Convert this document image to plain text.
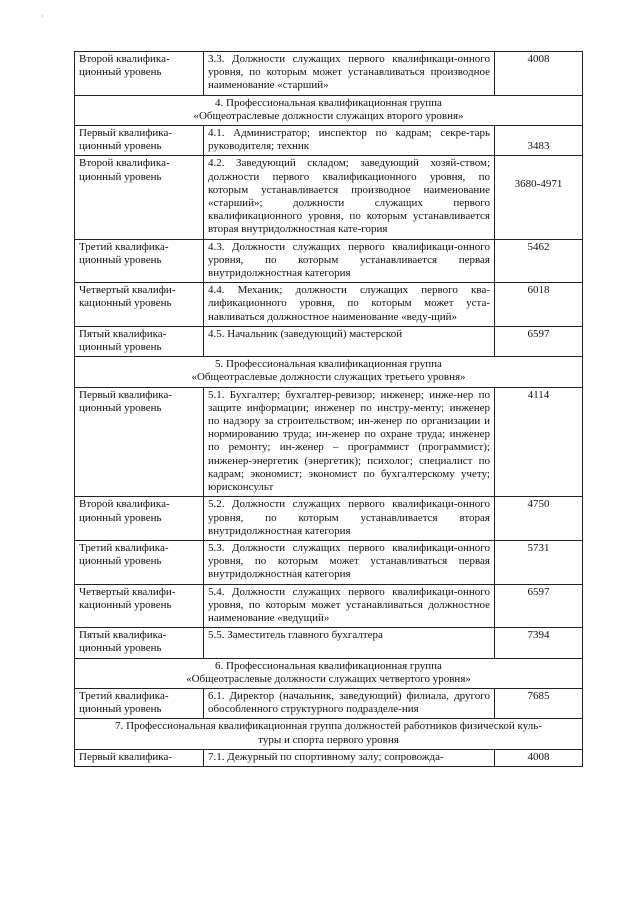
˙
Второй квалифика-ционный уровень	3.3. Должности служащих первого квалификаци-онного уровня, по которым может устанавливаться производное наименование «старший»	4008

4. Профессиональная квалификационная группа
«Общеотраслевые должности служащих второго уровня»		

Первый квалифика-ционный уровень	4.1. Администратор; инспектор по кадрам; секре-тарь руководителя; техник	3483
Второй квалифика-ционный уровень	4.2. Заведующий складом; заведующий хозяй-ством; должности первого квалификационного уровня, по которым устанавливается производное наименование «старший»; должности служащих первого квалификационного уровня, по которым устанавливается вторая внутридолжностная кате-гория	3680-4971
Третий квалифика-ционный уровень	4.3. Должности служащих первого квалификаци-онного уровня, по которым устанавливается первая внутридолжностная категория	5462
Четвертый квалифи-кационный уровень	4.4. Механик; должности служащих первого ква-лификационного уровня, по которым может уста-навливаться должностное наименование «веду-щий»	6018
Пятый квалифика-ционный уровень	4.5. Начальник (заведующий) мастерской	6597

5. Профессиональная квалификационная группа
«Общеотраслевые должности служащих третьего уровня»		

Первый квалифика-ционный уровень	5.1. Бухгалтер; бухгалтер-ревизор; инженер; инже-нер по защите информации; инженер по инстру-менту; инженер по надзору за строительством; ин-женер по организации и нормированию труда; ин-женер по охране труда; инженер по ремонту; ин-женер – программист (программист); инженер-энергетик (энергетик); психолог; специалист по кадрам; экономист; экономист по бухгалтерскому учету; юрисконсульт	4114
Второй квалифика-ционный уровень	5.2. Должности служащих первого квалификаци-онного уровня, по которым устанавливается вторая внутридолжностная категория	4750
Третий квалифика-ционный уровень	5.3. Должности служащих первого квалификаци-онного уровня, по которым может устанавливаться первая внутридолжностная категория	5731
Четвертый квалифи-кационный уровень	5.4. Должности служащих первого квалификаци-онного уровня, по которым может устанавливаться должностное наименование «ведущий»	6597
Пятый квалифика-ционный уровень	5.5. Заместитель главного бухгалтера	7394

6. Профессиональная квалификационная группа
«Общеотраслевые должности служащих четвертого уровня»		

Третий квалифика-ционный уровень	6.1. Директор (начальник, заведующий) филиала, другого обособленного структурного подразделе-ния	7685

7. Профессиональная квалификационная группа должностей работников физической куль-
туры и спорта первого уровня		

Первый квалифика-	7.1. Дежурный по спортивному залу; сопровожда-	4008
